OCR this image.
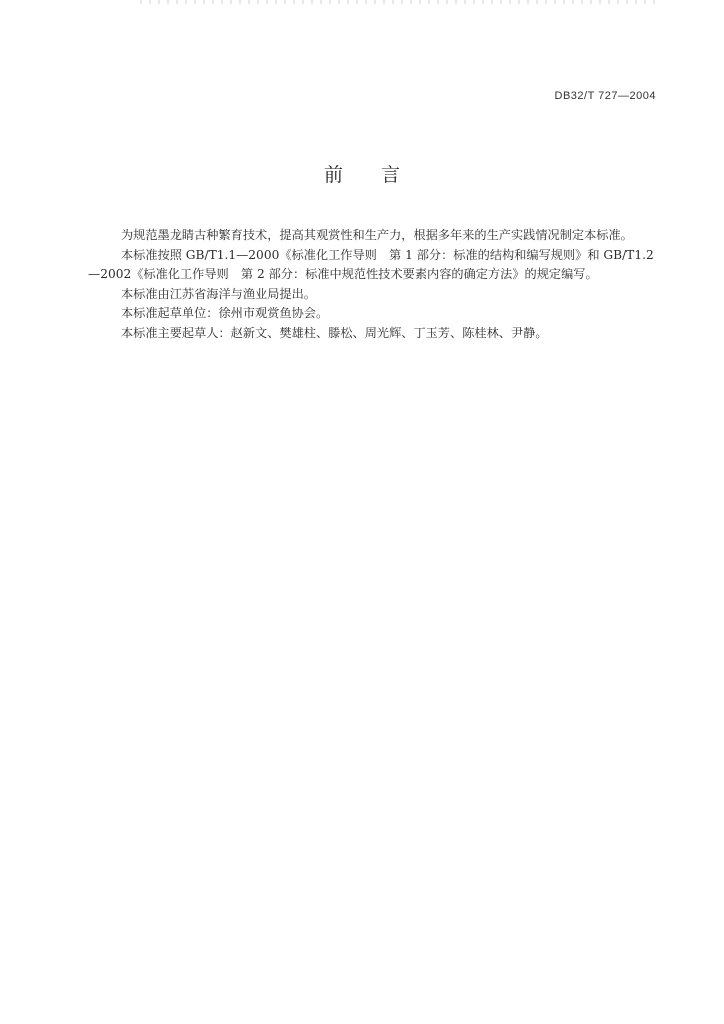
DB32/T 727—2004
前言

为规范墨龙睛古种繁育技术，提高其观赏性和生产力，根据多年来的生产实践情况制定本标准。

本标准按照 GB/T1.1—2000《标准化工作导则　第 1 部分：标准的结构和编写规则》和 GB/T1.2

—2002《标准化工作导则　第 2 部分：标准中规范性技术要素内容的确定方法》的规定编写。

本标准由江苏省海洋与渔业局提出。

本标准起草单位：徐州市观赏鱼协会。

本标准主要起草人：赵新文、樊雄柱、滕松、周光辉、丁玉芳、陈桂林、尹静。
